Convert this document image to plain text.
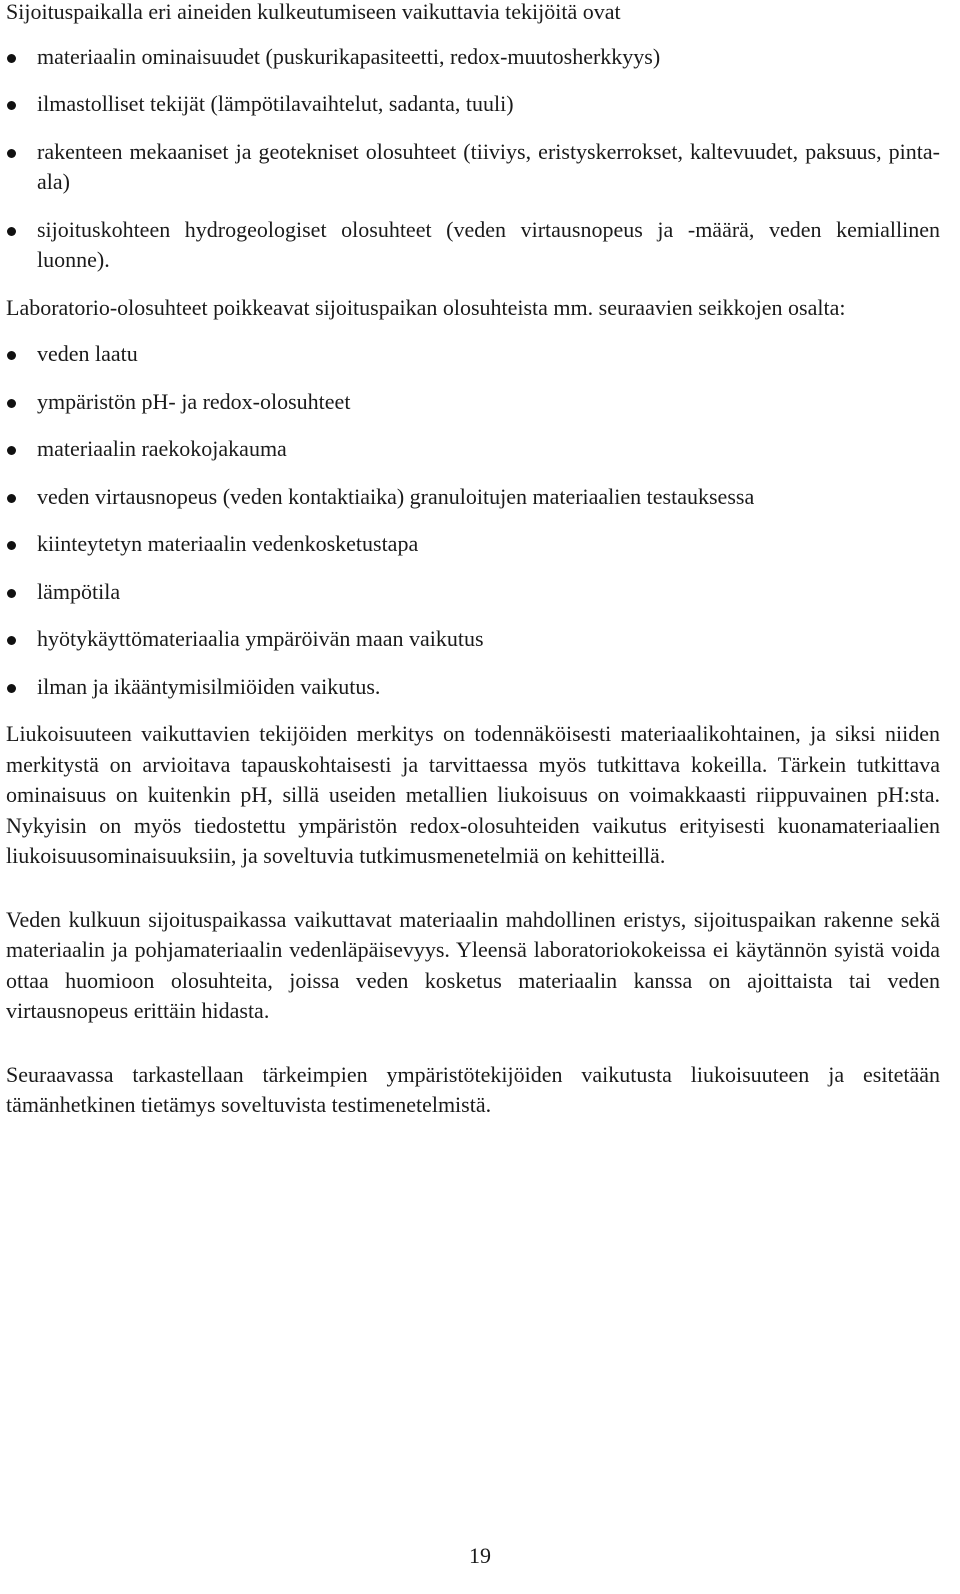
Sijoituspaikalla eri aineiden kulkeutumiseen vaikuttavia tekijöitä ovat

materiaalin ominaisuudet (puskurikapasiteetti, redox-muutosherkkyys)
ilmastolliset tekijät (lämpötilavaihtelut, sadanta, tuuli)
rakenteen mekaaniset ja geotekniset olosuhteet (tiiviys, eristyskerrokset, kaltevuudet, paksuus, pinta-ala)
sijoituskohteen hydrogeologiset olosuhteet (veden virtausnopeus ja -määrä, veden kemiallinen luonne).

Laboratorio-olosuhteet poikkeavat sijoituspaikan olosuhteista mm. seuraavien seikkojen osalta:

veden laatu
ympäristön pH- ja redox-olosuhteet
materiaalin raekokojakauma
veden virtausnopeus (veden kontaktiaika) granuloitujen materiaalien testauksessa
kiinteytetyn materiaalin vedenkosketustapa
lämpötila
hyötykäyttömateriaalia ympäröivän maan vaikutus
ilman ja ikääntymisilmiöiden vaikutus.

Liukoisuuteen vaikuttavien tekijöiden merkitys on todennäköisesti materiaalikohtainen, ja siksi niiden merkitystä on arvioitava tapauskohtaisesti ja tarvittaessa myös tutkittava kokeilla. Tärkein tutkittava ominaisuus on kuitenkin pH, sillä useiden metallien liukoisuus on voimakkaasti riippuvainen pH:sta. Nykyisin on myös tiedostettu ympäristön redox-olosuhteiden vaikutus erityisesti kuonamateriaalien liukoisuusominaisuuksiin, ja soveltuvia tutkimusmenetelmiä on kehitteillä.

Veden kulkuun sijoituspaikassa vaikuttavat materiaalin mahdollinen eristys, sijoituspaikan rakenne sekä materiaalin ja pohjamateriaalin vedenläpäisevyys. Yleensä laboratoriokokeissa ei käytännön syistä voida ottaa huomioon olosuhteita, joissa veden kosketus materiaalin kanssa on ajoittaista tai veden virtausnopeus erittäin hidasta.

Seuraavassa tarkastellaan tärkeimpien ympäristötekijöiden vaikutusta liukoisuuteen ja esitetään tämänhetkinen tietämys soveltuvista testimenetelmistä.

19
